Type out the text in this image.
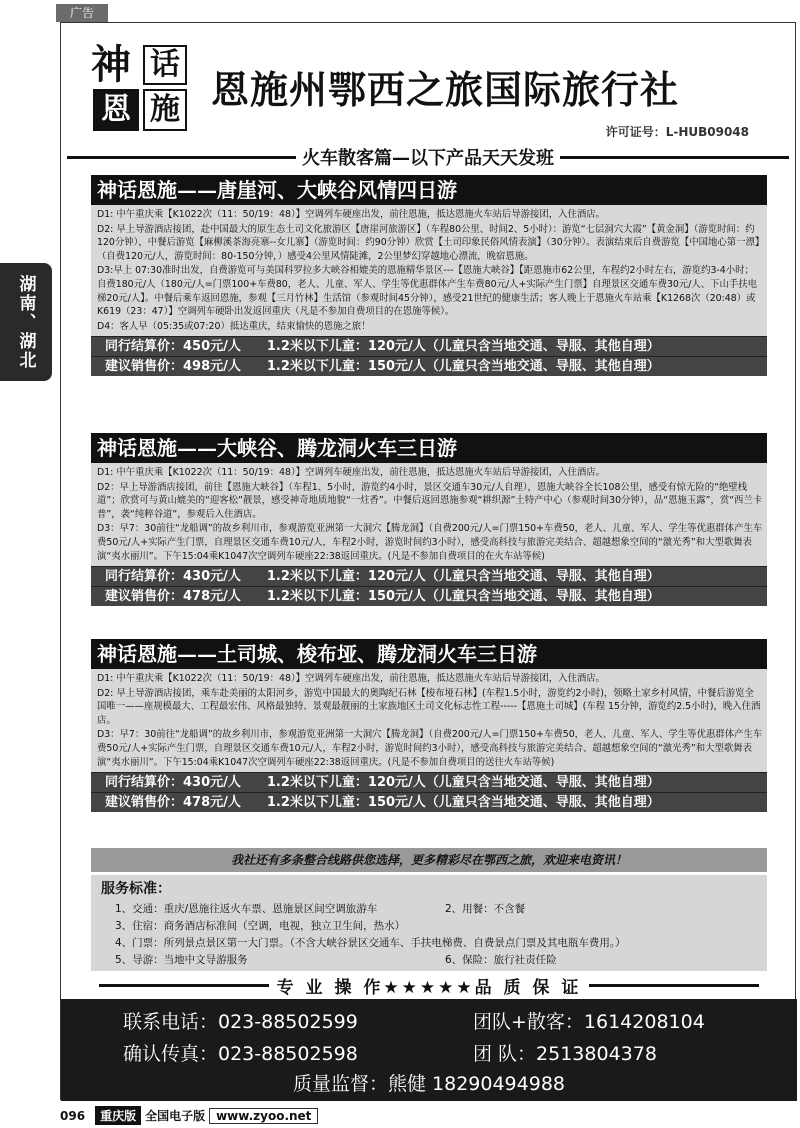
广告
湖南、湖北
神 话
恩 施 恩施州鄂西之旅国际旅行社
许可证号：L-HUB09048
火车散客篇—以下产品天天发班
神话恩施——唐崖河、大峡谷风情四日游
D1: 中午重庆乘【K1022次（11：50/19：48）】空调列车硬座出发，前往恩施，抵达恩施火车站后导游接团，入住酒店。
D2: 早上导游酒店接团，赴中国最大的原生态土司文化旅游区【唐崖河旅游区】（车程80公里、时间2、5小时）：游览“七层洞穴大霞”【黄金洞】（游览时间：约120分钟），中餐后游览【麻柳溪茶海亮寨--女儿寨】（游览时间：约90分钟）欣赏【土司印象民俗风情表演】（30分钟）。表演结束后自费游览【中国地心第一漂】（自费120元/人，游览时间：80-150分钟，）感受4公里风情陡滩，2公里梦幻穿越地心漂流，晚宿恩施。
D3:早上 07:30准时出发，自费游览可与美国科罗拉多大峡谷相媲美的恩施精华景区---【恩施大峡谷】【距恩施市62公里，车程约2小时左右，游览约3-4小时；自费180元/人（180元/人=门票100+车费80，老人、儿童、军人、学生等优惠群体产生车费80元/人+实际产生门票】自理景区交通车费30元/人、下山手扶电梯20元/人】。中餐后乘车返回恩施，参观【三月竹林】生活馆（参观时间45分钟），感受21世纪的健康生活；客人晚上于恩施火车站乘【K1268次（20:48）或K619（23：47）】空调列车硬卧出发返回重庆（凡是不参加自费项目的在恩施等候）。
D4：客人早（05:35或07:20）抵达重庆，结束愉快的恩施之旅！
同行结算价：450元/人 1.2米以下儿童：120元/人（儿童只含当地交通、导服、其他自理）
建议销售价：498元/人 1.2米以下儿童：150元/人（儿童只含当地交通、导服、其他自理）
神话恩施——大峡谷、腾龙洞火车三日游
D1: 中午重庆乘【K1022次（11：50/19：48）】空调列车硬座出发，前往恩施，抵达恩施火车站后导游接团，入住酒店。
D2：早上导游酒店接团，前往【恩施大峡谷】（车程1、5小时，游览约4小时，景区交通车30元/人自理），恩施大峡谷全长108公里，感受有惊无险的“绝壁栈道”；欣赏可与黄山媲美的“迎客松”靓景，感受神奇地质地貌“一炷香”。中餐后返回恩施参观“耕织源”土特产中心（参观时间30分钟），品“恩施玉露”，赏“西兰卡普”，袭“纯粹谷道”，参观后入住酒店。
D3：早7：30前往“龙船调”的故乡利川市，参观游览亚洲第一大洞穴【腾龙洞】（自费200元/人=门票150+车费50，老人、儿童、军人、学生等优惠群体产生车费50元/人+实际产生门票，自理景区交通车费10元/人，车程2小时，游览时间约3小时），感受高科技与旅游完美结合、超越想象空间的“激光秀”和大型歌舞表演“夷水丽川”。下午15:04乘K1047次空调列车硬座22:38返回重庆。(凡是不参加自费项目的在火车站等候)
同行结算价：430元/人 1.2米以下儿童：120元/人（儿童只含当地交通、导服、其他自理）
建议销售价：478元/人 1.2米以下儿童：150元/人（儿童只含当地交通、导服、其他自理）
神话恩施——土司城、梭布垭、腾龙洞火车三日游
D1: 中午重庆乘【K1022次（11：50/19：48）】空调列车硬座出发，前往恩施，抵达恩施火车站后导游接团，入住酒店。
D2: 早上导游酒店接团，乘车赴美丽的太阳河乡，游览中国最大的奥陶纪石林【梭布垭石林】(车程1.5小时，游览约2小时)，领略土家乡村风情，中餐后游览全国唯一——座规模最大、工程最宏伟、风格最独特、景观最靓丽的土家族地区土司文化标志性工程-----【恩施土司城】(车程 15分钟，游览约2.5小时)，晚入住酒店。
D3：早7：30前往“龙船调”的故乡利川市，参观游览亚洲第一大洞穴【腾龙洞】（自费200元/人=门票150+车费50，老人、儿童、军人、学生等优惠群体产生车费50元/人+实际产生门票，自理景区交通车费10元/人，车程2小时，游览时间约3小时），感受高科技与旅游完美结合、超越想象空间的“激光秀”和大型歌舞表演“夷水丽川”。下午15:04乘K1047次空调列车硬座22:38返回重庆。(凡是不参加自费项目的送往火车站等候)
同行结算价：430元/人 1.2米以下儿童：120元/人（儿童只含当地交通、导服、其他自理）
建议销售价：478元/人 1.2米以下儿童：150元/人（儿童只含当地交通、导服、其他自理）
我社还有多条整合线路供您选择，更多精彩尽在鄂西之旅，欢迎来电资讯！
服务标准：
1、交通：重庆/恩施往返火车票、恩施景区间空调旅游车	2、用餐：不含餐
3、住宿：商务酒店标准间（空调，电视，独立卫生间，热水）
4、门票：所列景点景区第一大门票。（不含大峡谷景区交通车、手扶电梯费、自费景点门票及其电瓶车费用。）
5、导游：当地中文导游服务	6、保险：旅行社责任险
专 业 操 作★★★★★品 质 保 证
联系电话：023-88502599	团队+散客：1614208104
确认传真：023-88502598	团 队：2513804378
质量监督：熊健 18290494988
096	重庆版 全国电子版 www.zyoo.net
